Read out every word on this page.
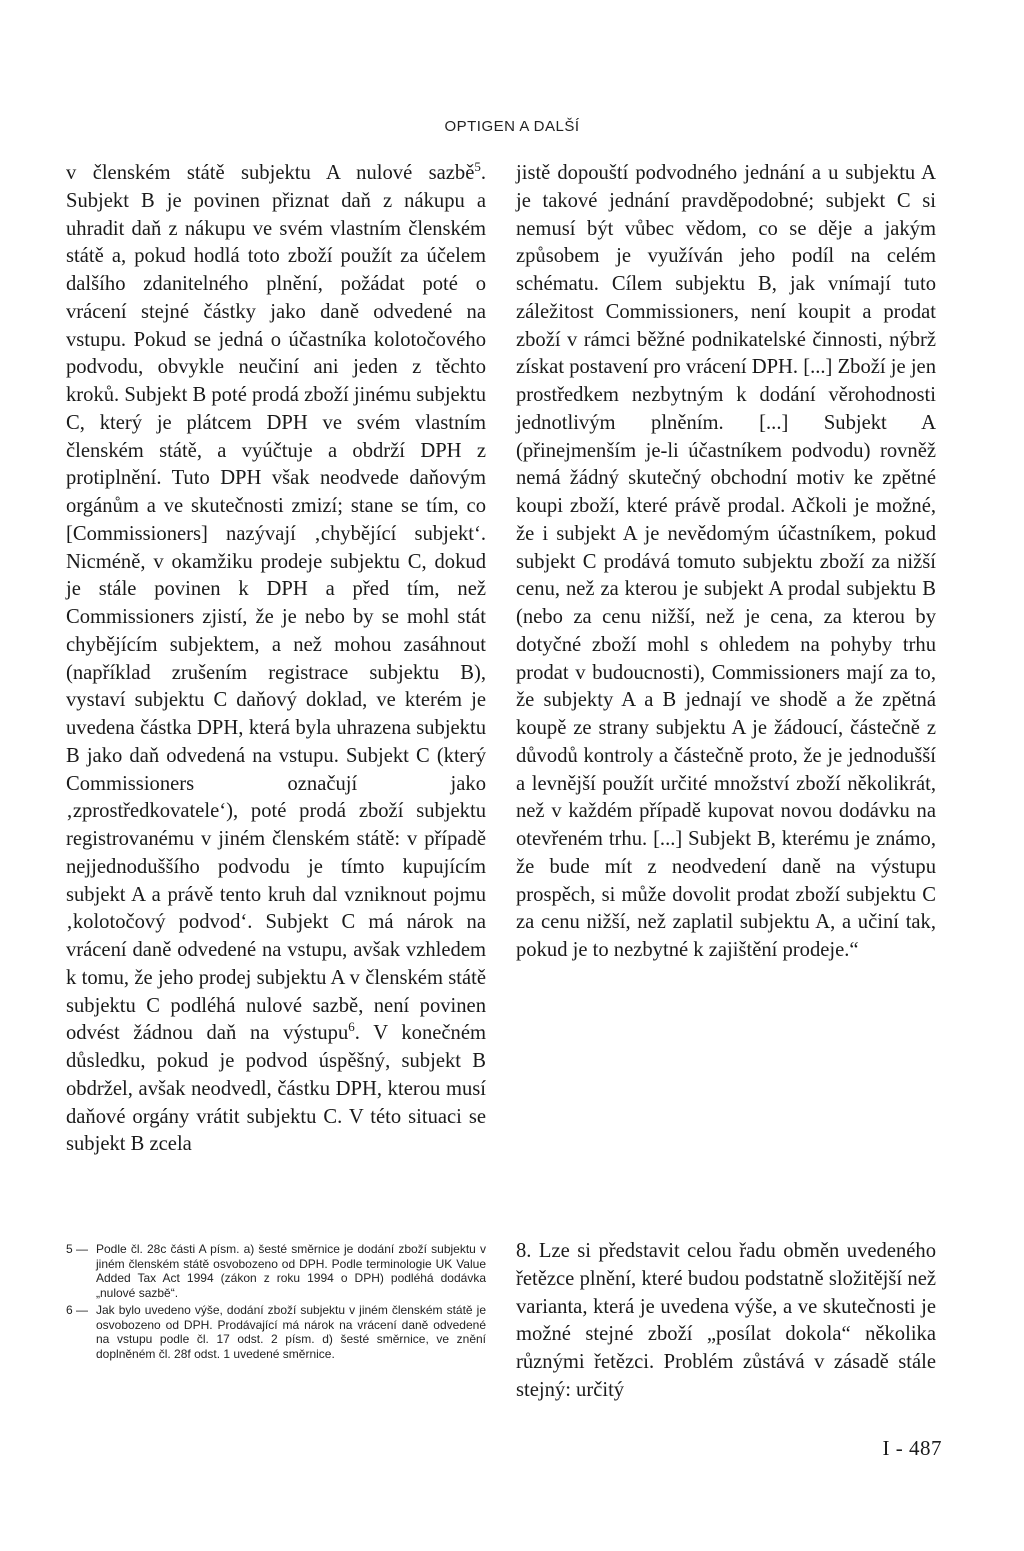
OPTIGEN A DALŠÍ

v členském státě subjektu A nulové sazbě$^5$. Subjekt B je povinen přiznat daň z nákupu a uhradit daň z nákupu ve svém vlastním členském státě a, pokud hodlá toto zboží použít za účelem dalšího zdanitelného plnění, požádat poté o vrácení stejné částky jako daně odvedené na vstupu. Pokud se jedná o účastníka kolotočového podvodu, obvykle neučiní ani jeden z těchto kroků. Subjekt B poté prodá zboží jinému subjektu C, který je plátcem DPH ve svém vlastním členském státě, a vyúčtuje a obdrží DPH z protiplnění. Tuto DPH však neodvede daňovým orgánům a ve skutečnosti zmizí; stane se tím, co [Commissioners] nazývají ‚chybějící subjekt‘. Nicméně, v okamžiku prodeje subjektu C, dokud je stále povinen k DPH a před tím, než Commissioners zjistí, že je nebo by se mohl stát chybějícím subjektem, a než mohou zasáhnout (například zrušením registrace subjektu B), vystaví subjektu C daňový doklad, ve kterém je uvedena částka DPH, která byla uhrazena subjektu B jako daň odvedená na vstupu. Subjekt C (který Commissioners označují jako ‚zprostředkovatele‘), poté prodá zboží subjektu registrovanému v jiném členském státě: v případě nejjednoduššího podvodu je tímto kupujícím subjekt A a právě tento kruh dal vzniknout pojmu ‚kolotočový podvod‘. Subjekt C má nárok na vrácení daně odvedené na vstupu, avšak vzhledem k tomu, že jeho prodej subjektu A v členském státě subjektu C podléhá nulové sazbě, není povinen odvést žádnou daň na výstupu$^6$. V konečném důsledku, pokud je podvod úspěšný, subjekt B obdržel, avšak neodvedl, částku DPH, kterou musí daňové orgány vrátit subjektu C. V této situaci se subjekt B zcela

jistě dopouští podvodného jednání a u subjektu A je takové jednání pravděpodobné; subjekt C si nemusí být vůbec vědom, co se děje a jakým způsobem je využíván jeho podíl na celém schématu. Cílem subjektu B, jak vnímají tuto záležitost Commissioners, není koupit a prodat zboží v rámci běžné podnikatelské činnosti, nýbrž získat postavení pro vrácení DPH. [...] Zboží je jen prostředkem nezbytným k dodání věrohodnosti jednotlivým plněním. [...] Subjekt A (přinejmenším je-li účastníkem podvodu) rovněž nemá žádný skutečný obchodní motiv ke zpětné koupi zboží, které právě prodal. Ačkoli je možné, že i subjekt A je nevědomým účastníkem, pokud subjekt C prodává tomuto subjektu zboží za nižší cenu, než za kterou je subjekt A prodal subjektu B (nebo za cenu nižší, než je cena, za kterou by dotyčné zboží mohl s ohledem na pohyby trhu prodat v budoucnosti), Commissioners mají za to, že subjekty A a B jednají ve shodě a že zpětná koupě ze strany subjektu A je žádoucí, částečně z důvodů kontroly a částečně proto, že je jednodušší a levnější použít určité množství zboží několikrát, než v každém případě kupovat novou dodávku na otevřeném trhu. [...] Subjekt B, kterému je známo, že bude mít z neodvedení daně na výstupu prospěch, si může dovolit prodat zboží subjektu C za cenu nižší, než zaplatil subjektu A, a učiní tak, pokud je to nezbytné k zajištění prodeje.“

5 — Podle čl. 28c části A písm. a) šesté směrnice je dodání zboží subjektu v jiném členském státě osvobozeno od DPH. Podle terminologie UK Value Added Tax Act 1994 (zákon z roku 1994 o DPH) podléhá dodávka „nulové sazbě“.

6 — Jak bylo uvedeno výše, dodání zboží subjektu v jiném členském státě je osvobozeno od DPH. Prodávající má nárok na vrácení daně odvedené na vstupu podle čl. 17 odst. 2 písm. d) šesté směrnice, ve znění doplněném čl. 28f odst. 1 uvedené směrnice.

8. Lze si představit celou řadu obměn uvedeného řetězce plnění, které budou podstatně složitější než varianta, která je uvedena výše, a ve skutečnosti je možné stejné zboží „posílat dokola“ několika různými řetězci. Problém zůstává v zásadě stále stejný: určitý

I - 487
